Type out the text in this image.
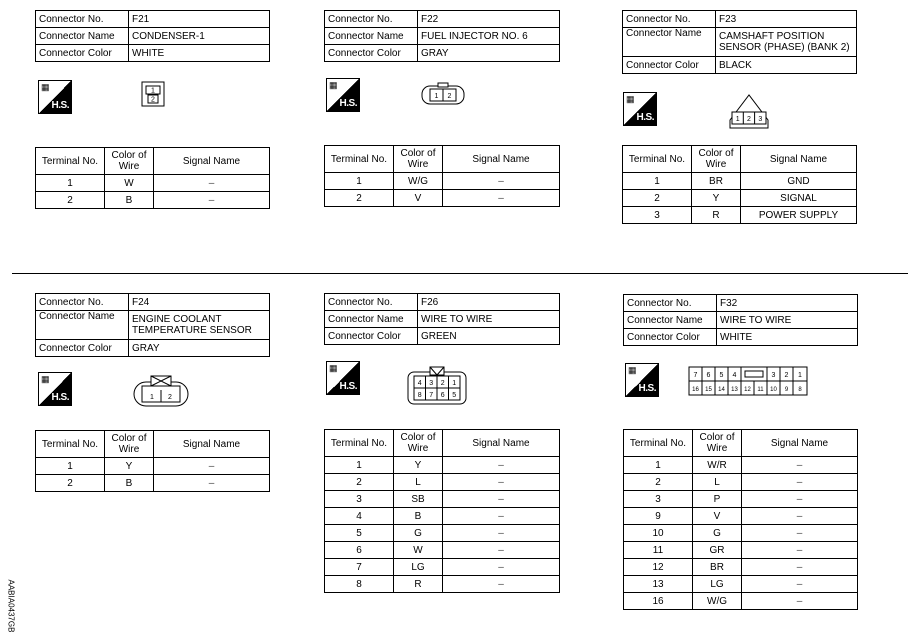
Connector No.	F21
Connector Name	CONDENSER-1
Connector Color	WHITE
▦
H.S.
1
2
Terminal No.	Color of Wire	Signal Name
1	W	–
2	B	–
Connector No.	F22
Connector Name	FUEL INJECTOR NO. 6
Connector Color	GRAY
▦
H.S.
1 2
Terminal No.	Color of Wire	Signal Name
1	W/G	–
2	V	–
Connector No.	F23
Connector Name	CAMSHAFT POSITION SENSOR (PHASE) (BANK 2)
Connector Color	BLACK
▦
H.S.	1 2 3
Terminal No.	Color of Wire	Signal Name
1	BR	GND
2	Y	SIGNAL
3	R	POWER SUPPLY
Connector No.	F24
Connector Name	ENGINE COOLANT TEMPERATURE SENSOR
Connector Color	GRAY
▦
H.S.	1 2
Terminal No.	Color of Wire	Signal Name
1	Y	–
2	B	–
Connector No.	F26
Connector Name	WIRE TO WIRE
Connector Color	GREEN
▦
H.S.	4 3 2 1
8 7 6 5
Terminal No.	Color of Wire	Signal Name
1	Y	–
2	L	–
3	SB	–
4	B	–
5	G	–
6	W	–
7	LG	–
8	R	–
Connector No.	F32
Connector Name	WIRE TO WIRE
Connector Color	WHITE
▦
H.S.
7 6 5 4	3 2 1
16 15 14 13 12 11 10 9 8
Terminal No.	Color of Wire	Signal Name
1	W/R	–
2	L	–
3	P	–
9	V	–
10	G	–
11	GR	–
12	BR	–
13	LG	–
16	W/G	–
AABIA0437GB
